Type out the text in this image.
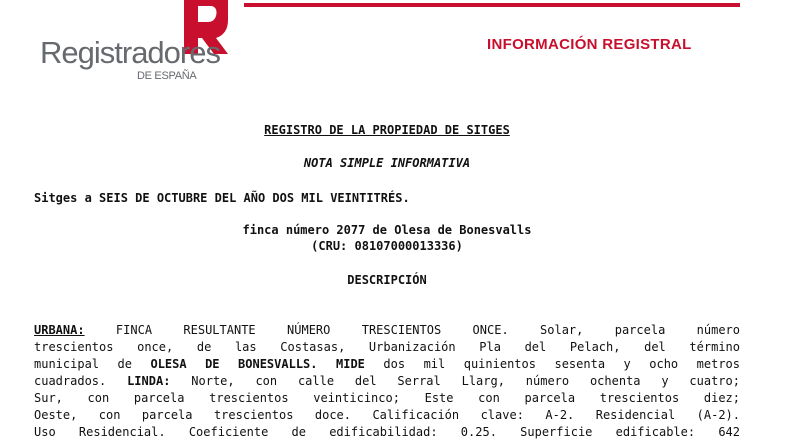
Registradores
DE ESPAÑA
INFORMACIÓN REGISTRAL
REGISTRO DE LA PROPIEDAD DE SITGES
NOTA SIMPLE INFORMATIVA
Sitges a SEIS DE OCTUBRE DEL AÑO DOS MIL VEINTITRÉS.
finca número 2077 de Olesa de Bonesvalls
(CRU: 08107000013336)
DESCRIPCIÓN
URBANA: FINCA RESULTANTE NÚMERO TRESCIENTOS ONCE. Solar, parcela número
trescientos once, de las Costasas, Urbanización Pla del Pelach, del término
municipal de OLESA DE BONESVALLS. MIDE dos mil quinientos sesenta y ocho metros
cuadrados. LINDA: Norte, con calle del Serral Llarg, número ochenta y cuatro;
Sur, con parcela trescientos veinticinco; Este con parcela trescientos diez;
Oeste, con parcela trescientos doce. Calificación clave: A-2. Residencial (A-2).
Uso Residencial. Coeficiente de edificabilidad: 0.25. Superficie edificable: 642
